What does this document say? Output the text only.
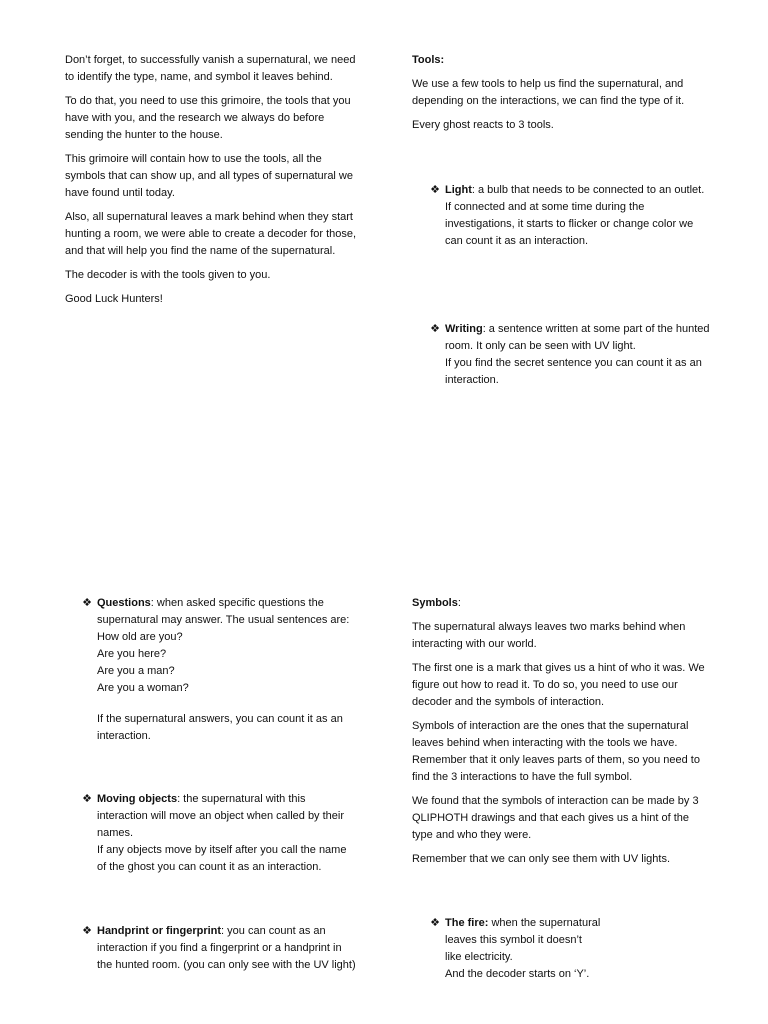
Don’t forget, to successfully vanish a supernatural, we need to identify the type, name, and symbol it leaves behind.

To do that, you need to use this grimoire, the tools that you have with you, and the research we always do before sending the hunter to the house.

This grimoire will contain how to use the tools, all the symbols that can show up, and all types of supernatural we have found until today.

Also, all supernatural leaves a mark behind when they start hunting a room, we were able to create a decoder for those, and that will help you find the name of the supernatural.

The decoder is with the tools given to you.

Good Luck Hunters!

Tools:

We use a few tools to help us find the supernatural, and depending on the interactions, we can find the type of it.

Every ghost reacts to 3 tools.

❖ Light: a bulb that needs to be connected to an outlet.
If connected and at some time during the investigations, it starts to flicker or change color we can count it as an interaction.
❖ Writing: a sentence written at some part of the hunted room. It only can be seen with UV light.
If you find the secret sentence you can count it as an interaction.
❖ Questions: when asked specific questions the supernatural may answer. The usual sentences are:
How old are you?
Are you here?
Are you a man?
Are you a woman?
If the supernatural answers, you can count it as an interaction.
❖ Moving objects: the supernatural with this interaction will move an object when called by their names.
If any objects move by itself after you call the name of the ghost you can count it as an interaction.
❖ Handprint or fingerprint: you can count as an interaction if you find a fingerprint or a handprint in the hunted room. (you can only see with the UV light)

Symbols:

The supernatural always leaves two marks behind when interacting with our world.

The first one is a mark that gives us a hint of who it was. We figure out how to read it. To do so, you need to use our decoder and the symbols of interaction.

Symbols of interaction are the ones that the supernatural leaves behind when interacting with the tools we have. Remember that it only leaves parts of them, so you need to find the 3 interactions to have the full symbol.

We found that the symbols of interaction can be made by 3 QLIPHOTH drawings and that each gives us a hint of the type and who they were.

Remember that we can only see them with UV lights.

❖ The fire: when the supernatural
leaves this symbol it doesn’t
like electricity.
And the decoder starts on ‘Y’.
